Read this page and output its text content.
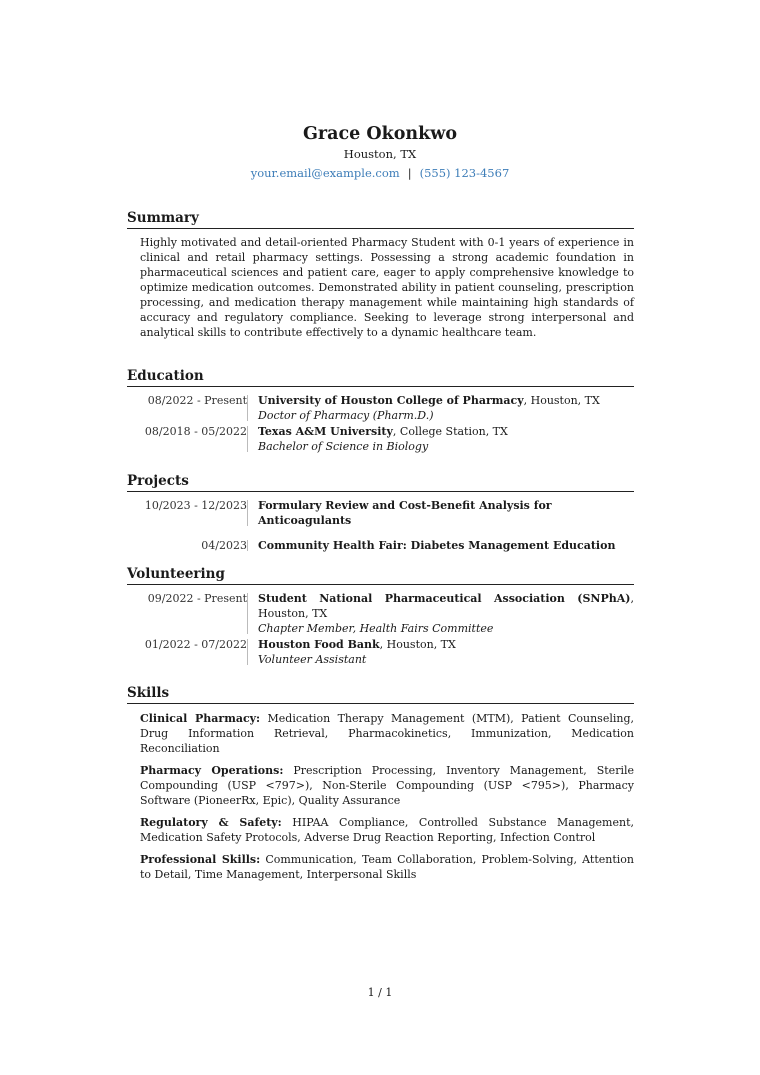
Grace Okonkwo
Houston, TX
your.email@example.com | (555) 123-4567
Summary
Highly motivated and detail-oriented Pharmacy Student with 0-1 years of experience in clinical and retail pharmacy settings. Possessing a strong academic foundation in pharmaceutical sciences and patient care, eager to apply comprehensive knowledge to optimize medication outcomes. Demonstrated ability in patient counseling, prescription processing, and medication therapy management while maintaining high standards of accuracy and regulatory compliance. Seeking to leverage strong interpersonal and analytical skills to contribute effectively to a dynamic healthcare team.
Education
08/2022 - Present University of Houston College of Pharmacy, Houston, TX
Doctor of Pharmacy (Pharm.D.)
08/2018 - 05/2022 Texas A&M University, College Station, TX
Bachelor of Science in Biology
Projects
10/2023 - 12/2023 Formulary Review and Cost-Benefit Analysis for Anticoagulants
04/2023 Community Health Fair: Diabetes Management Education
Volunteering
09/2022 - Present Student National Pharmaceutical Association (SNPhA), Houston, TX
Chapter Member, Health Fairs Committee
01/2022 - 07/2022 Houston Food Bank, Houston, TX
Volunteer Assistant
Skills
Clinical Pharmacy: Medication Therapy Management (MTM), Patient Counseling, Drug Information Retrieval, Pharmacokinetics, Immunization, Medication Reconciliation
Pharmacy Operations: Prescription Processing, Inventory Management, Sterile Compounding (USP <797>), Non-Sterile Compounding (USP <795>), Pharmacy Software (PioneerRx, Epic), Quality Assurance
Regulatory & Safety: HIPAA Compliance, Controlled Substance Management, Medication Safety Protocols, Adverse Drug Reaction Reporting, Infection Control
Professional Skills: Communication, Team Collaboration, Problem-Solving, Attention to Detail, Time Management, Interpersonal Skills
1 / 1
